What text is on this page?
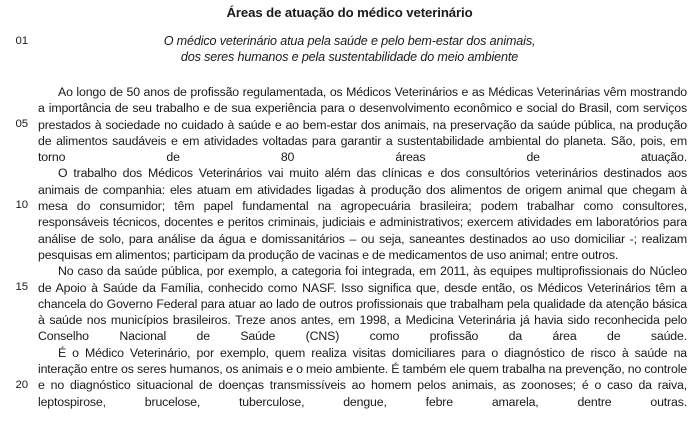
01
05
10
15
20
Áreas de atuação do médico veterinário
O médico veterinário atua pela saúde e pelo bem-estar dos animais,
dos seres humanos e pela sustentabilidade do meio ambiente

Ao longo de 50 anos de profissão regulamentada, os Médicos Veterinários e as Médicas Veterinárias vêm mostrando a importância de seu trabalho e de sua experiência para o desenvolvimento econômico e social do Brasil, com serviços prestados à sociedade no cuidado à saúde e ao bem-estar dos animais, na preservação da saúde pública, na produção de alimentos saudáveis e em atividades voltadas para garantir a sustentabilidade ambiental do planeta. São, pois, em torno de 80 áreas de atuação.

O trabalho dos Médicos Veterinários vai muito além das clínicas e dos consultórios veterinários destinados aos animais de companhia: eles atuam em atividades ligadas à produção dos alimentos de origem animal que chegam à mesa do consumidor; têm papel fundamental na agropecuária brasileira; podem trabalhar como consultores, responsáveis técnicos, docentes e peritos criminais, judiciais e administrativos; exercem atividades em laboratórios para análise de solo, para análise da água e domissanitários – ou seja, saneantes destinados ao uso domiciliar -; realizam pesquisas em alimentos; participam da produção de vacinas e de medicamentos de uso animal; entre outros.

No caso da saúde pública, por exemplo, a categoria foi integrada, em 2011, às equipes multiprofissionais do Núcleo de Apoio à Saúde da Família, conhecido como NASF. Isso significa que, desde então, os Médicos Veterinários têm a chancela do Governo Federal para atuar ao lado de outros profissionais que trabalham pela qualidade da atenção básica à saúde nos municípios brasileiros. Treze anos antes, em 1998, a Medicina Veterinária já havia sido reconhecida pelo Conselho Nacional de Saúde (CNS) como profissão da área de saúde.

É o Médico Veterinário, por exemplo, quem realiza visitas domiciliares para o diagnóstico de risco à saúde na interação entre os seres humanos, os animais e o meio ambiente. É também ele quem trabalha na prevenção, no controle e no diagnóstico situacional de doenças transmissíveis ao homem pelos animais, as zoonoses; é o caso da raiva, leptospirose, brucelose, tuberculose, dengue, febre amarela, dentre outras.
